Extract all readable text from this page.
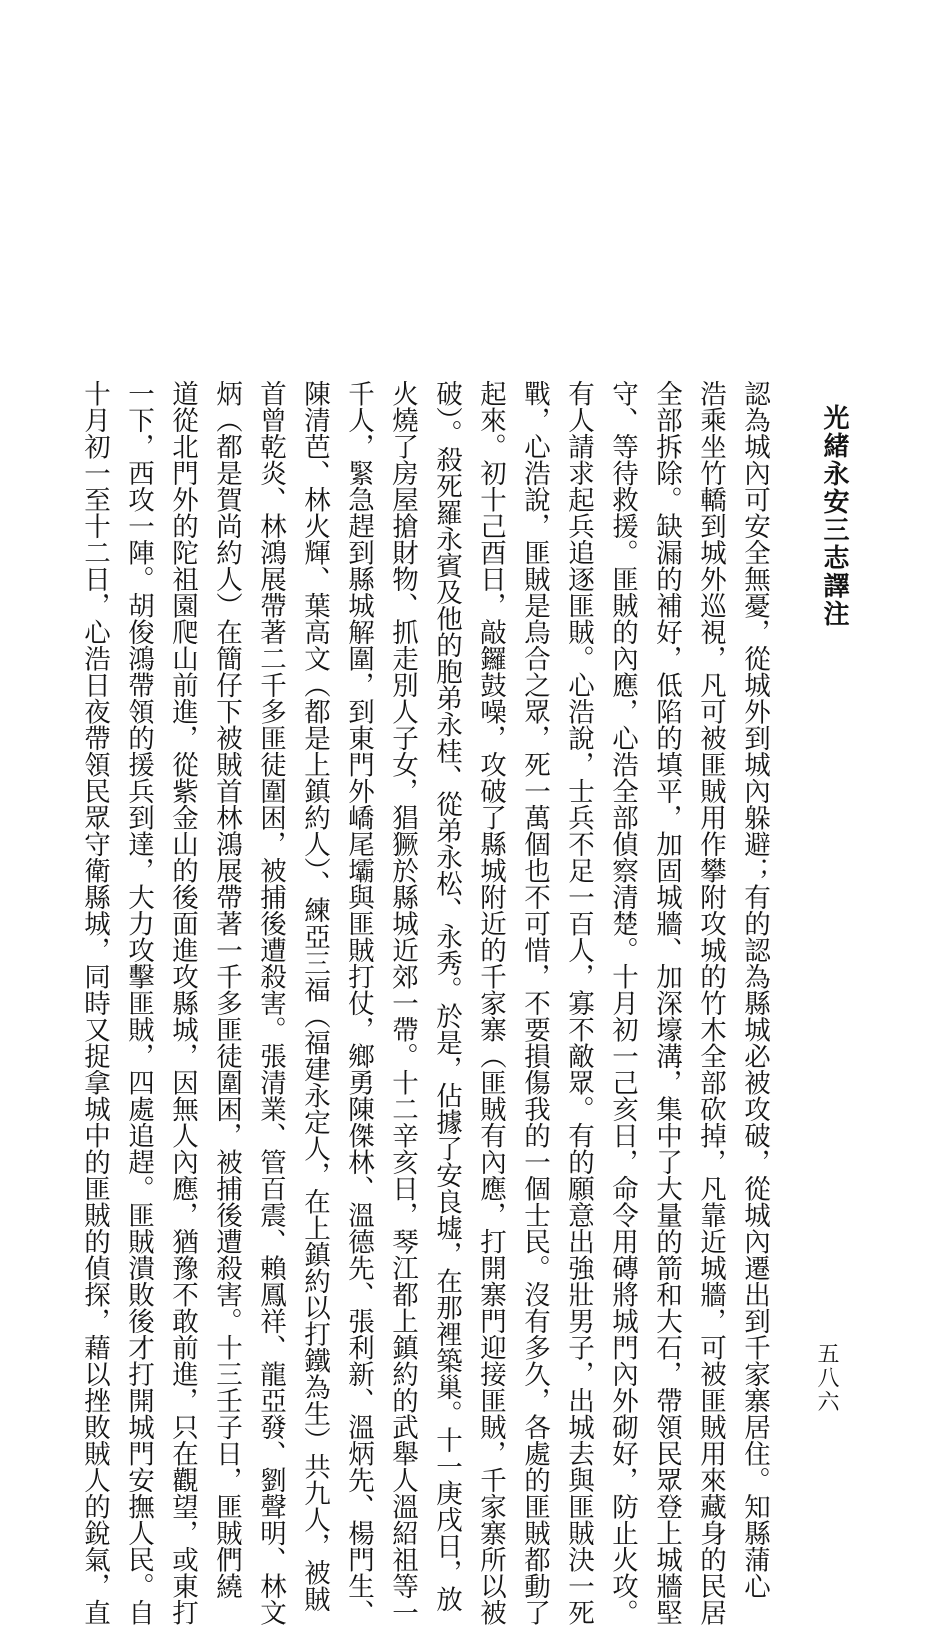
光緒永安三志譯注
認為城內可安全無憂，從城外到城內躲避；有的認為縣城必被攻破，從城內遷出到千家寨居住。知縣蒲心
浩乘坐竹轎到城外巡視，凡可被匪賊用作攀附攻城的竹木全部砍掉，凡靠近城牆，可被匪賊用來藏身的民居
全部拆除。缺漏的補好，低陷的填平，加固城牆、加深壕溝，集中了大量的箭和大石，帶領民眾登上城牆堅
守、等待救援。匪賊的內應，心浩全部偵察清楚。十月初一己亥日，命令用磚將城門內外砌好，防止火攻。
有人請求起兵追逐匪賊。心浩說，士兵不足一百人，寡不敵眾。有的願意出強壯男子，出城去與匪賊決一死
戰，心浩說，匪賊是烏合之眾，死一萬個也不可惜，不要損傷我的一個士民。沒有多久，各處的匪賊都動了
起來。初十己酉日，敲鑼鼓噪，攻破了縣城附近的千家寨（匪賊有內應，打開寨門迎接匪賊，千家寨所以被
破）。殺死羅永賓及他的胞弟永桂、從弟永松、永秀。於是，佔據了安良墟，在那裡築巢。十一庚戌日，放
火燒了房屋搶財物、抓走別人子女，猖獗於縣城近郊一帶。十二辛亥日，琴江都上鎮約的武舉人溫紹祖等一
千人，緊急趕到縣城解圍，到東門外嶠尾壩與匪賊打仗，鄉勇陳傑林、溫德先、張利新、溫炳先、楊門生、
陳清芭、林火輝、葉高文（都是上鎮約人）、練亞三福（福建永定人，在上鎮約以打鐵為生）共九人，被賊
首曾乾炎、林鴻展帶著二千多匪徒圍困，被捕後遭殺害。張清業、管百震、賴鳳祥、龍亞發、劉聲明、林文
炳（都是賀尚約人）在簡仔下被賊首林鴻展帶著一千多匪徒圍困，被捕後遭殺害。十三壬子日，匪賊們繞
道從北門外的陀祖園爬山前進，從紫金山的後面進攻縣城，因無人內應，猶豫不敢前進，只在觀望，或東打
一下，西攻一陣。胡俊鴻帶領的援兵到達，大力攻擊匪賊，四處追趕。匪賊潰敗後才打開城門安撫人民。自
十月初一至十二日，心浩日夜帶領民眾守衛縣城，同時又捉拿城中的匪賊的偵探，藉以挫敗賊人的銳氣，直	五八六
